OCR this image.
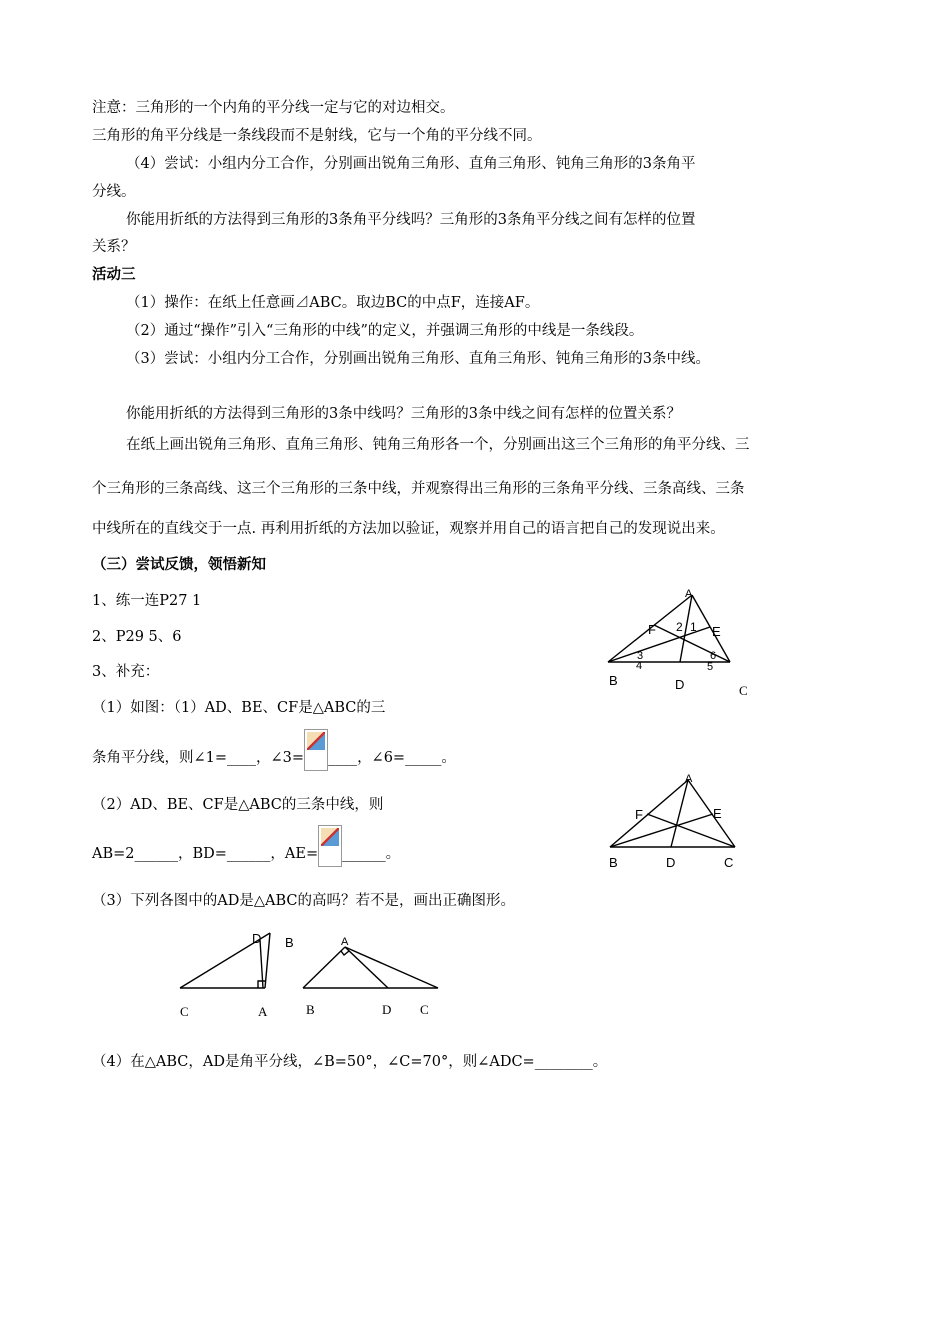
注意：三角形的一个内角的平分线一定与它的对边相交。
三角形的角平分线是一条线段而不是射线，它与一个角的平分线不同。
（4）尝试：小组内分工合作，分别画出锐角三角形、直角三角形、钝角三角形的3条角平
分线。
你能用折纸的方法得到三角形的3条角平分线吗？三角形的3条角平分线之间有怎样的位置
关系？
活动三
（1）操作：在纸上任意画⊿ABC。取边BC的中点F，连接AF。
（2）通过“操作”引入“三角形的中线”的定义，并强调三角形的中线是一条线段。
（3）尝试：小组内分工合作，分别画出锐角三角形、直角三角形、钝角三角形的3条中线。
你能用折纸的方法得到三角形的3条中线吗？三角形的3条中线之间有怎样的位置关系？
在纸上画出锐角三角形、直角三角形、钝角三角形各一个，分别画出这三个三角形的角平分线、三
个三角形的三条高线、这三个三角形的三条中线，并观察得出三角形的三条角平分线、三条高线、三条
中线所在的直线交于一点. 再利用折纸的方法加以验证，观察并用自己的语言把自己的发现说出来。
（三）尝试反馈，领悟新知
1、练一连P27 1
2、P29 5、6
3、补充：
（1）如图：（1）AD、BE、CF是△ABC的三
条角平分线，则∠1=____，∠3= ____，∠6=_____。
（2）AD、BE、CF是△ABC的三条中线，则
AB=2______，BD=______，AE= ______。
（3）下列各图中的AD是△ABC的高吗？若不是，画出正确图形。
（4）在△ABC，AD是角平分线，∠B=50°，∠C=70°，则∠ADC=________。
B	D	C
A
F	E
2 1
3
4	5
6
B	D	C
A
F	E
D B
C	A
A
B	D C
